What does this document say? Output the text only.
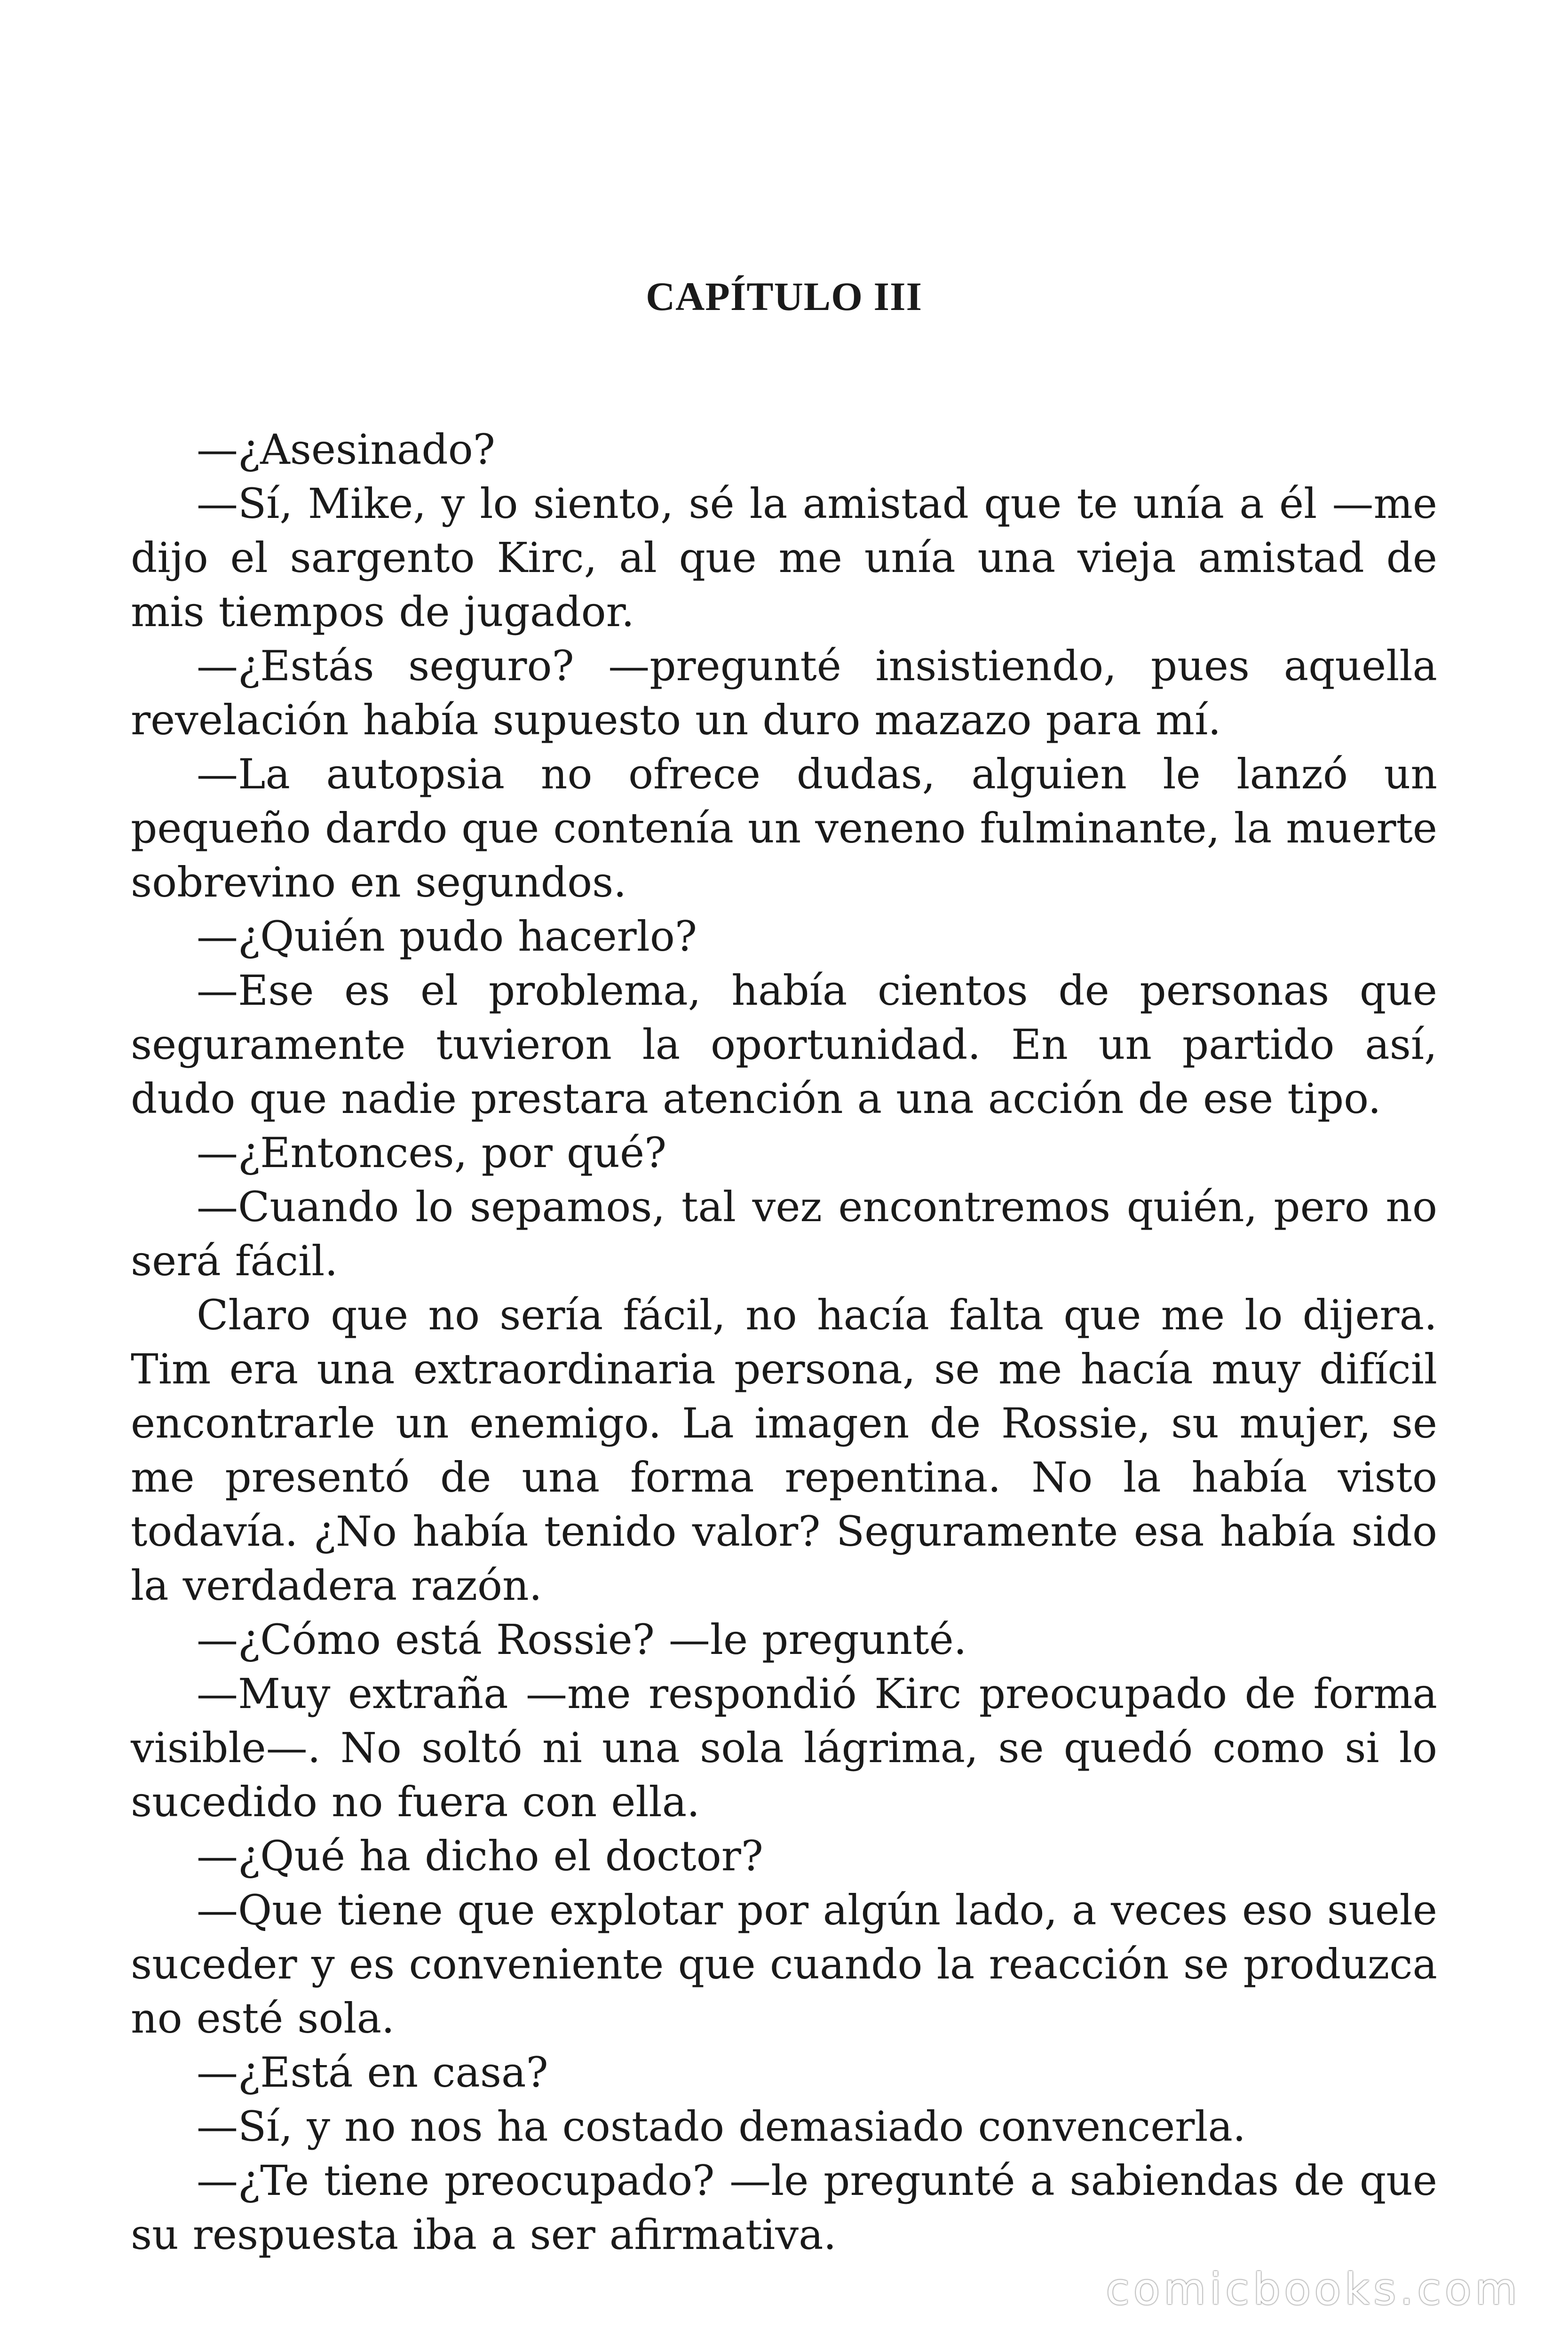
CAPÍTULO III

—¿Asesinado?

—Sí, Mike, y lo siento, sé la amistad que te unía a él —me dijo el sargento Kirc, al que me unía una vieja amistad de mis tiempos de jugador.

—¿Estás seguro? —pregunté insistiendo, pues aquella revelación había supuesto un duro mazazo para mí.

—La autopsia no ofrece dudas, alguien le lanzó un pequeño dardo que contenía un veneno fulminante, la muerte sobrevino en segundos.

—¿Quién pudo hacerlo?

—Ese es el problema, había cientos de personas que seguramente tuvieron la oportunidad. En un partido así, dudo que nadie prestara atención a una acción de ese tipo.

—¿Entonces, por qué?

—Cuando lo sepamos, tal vez encontremos quién, pero no será fácil.

Claro que no sería fácil, no hacía falta que me lo dijera. Tim era una extraordinaria persona, se me hacía muy difícil encontrarle un enemigo. La imagen de Rossie, su mujer, se me presentó de una forma repentina. No la había visto todavía. ¿No había tenido valor? Seguramente esa había sido la verdadera razón.

—¿Cómo está Rossie? —le pregunté.

—Muy extraña —me respondió Kirc preocupado de forma visible—. No soltó ni una sola lágrima, se quedó como si lo sucedido no fuera con ella.

—¿Qué ha dicho el doctor?

—Que tiene que explotar por algún lado, a veces eso suele suceder y es conveniente que cuando la reacción se produzca no esté sola.

—¿Está en casa?

—Sí, y no nos ha costado demasiado convencerla.

—¿Te tiene preocupado? —le pregunté a sabiendas de que su respuesta iba a ser afirmativa.

comicbooks.com
